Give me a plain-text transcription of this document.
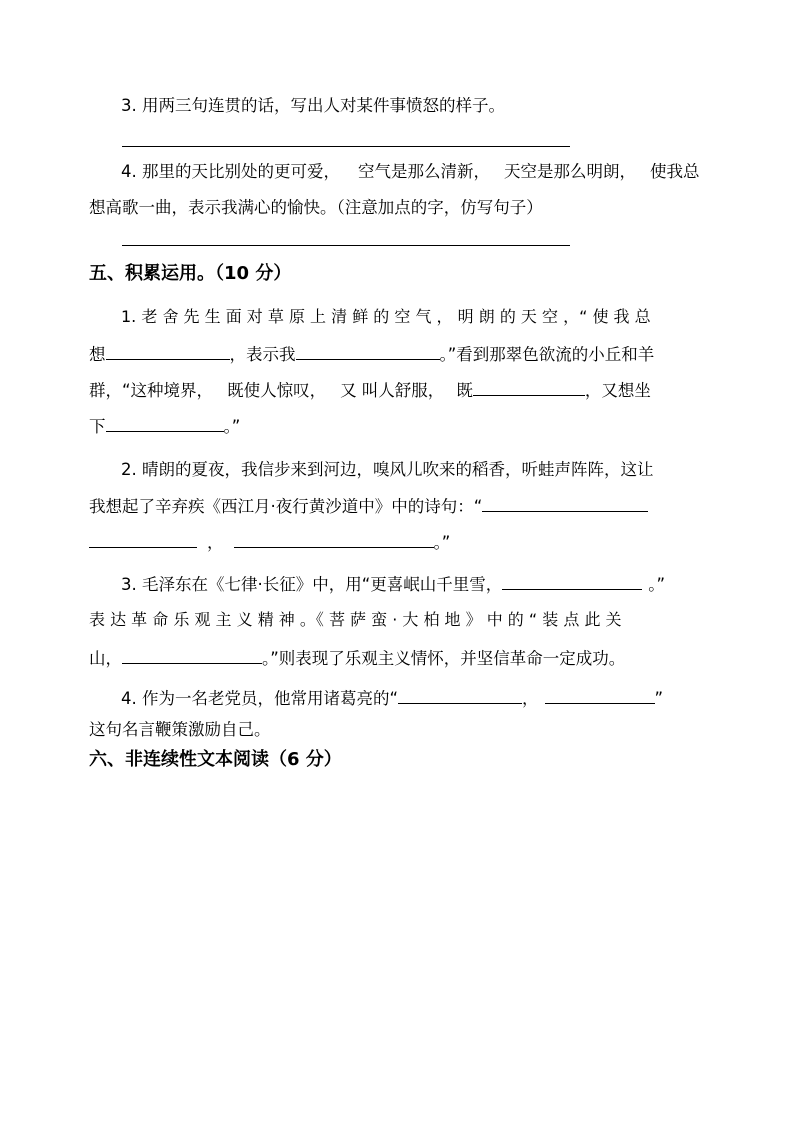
3. 用两三句连贯的话，写出人对某件事愤怒的样子。
4. 那里的天比别处的更可爱， 空气是那么清新， 天空是那么明朗， 使我总
想高歌一曲，表示我满心的愉快。（注意加点的字，仿写句子）
五、积累运用。（10 分）
1. 老 舍 先 生 面 对 草 原 上 清 鲜 的 空 气 ， 明 朗 的 天 空 ，“ 使 我 总
想	，表示我	。”看到那翠色欲流的小丘和羊
群，“这种境界， 既使人惊叹， 又 叫人舒服， 既	，又想坐
下	。”
2. 晴朗的夏夜，我信步来到河边，嗅风儿吹来的稻香，听蛙声阵阵，这让
我想起了辛弃疾《西江月·夜行黄沙道中》中的诗句：“
，	。”
3. 毛泽东在《七律·长征》中，用“更喜岷山千里雪，	。”
表 达 革 命 乐 观 主 义 精 神 。《 菩 萨 蛮 · 大 柏 地 》 中 的 “ 装 点 此 关
山，	。”则表现了乐观主义情怀，并坚信革命一定成功。
4. 作为一名老党员，他常用诸葛亮的“	，	”
这句名言鞭策激励自己。
六、非连续性文本阅读（6 分）
